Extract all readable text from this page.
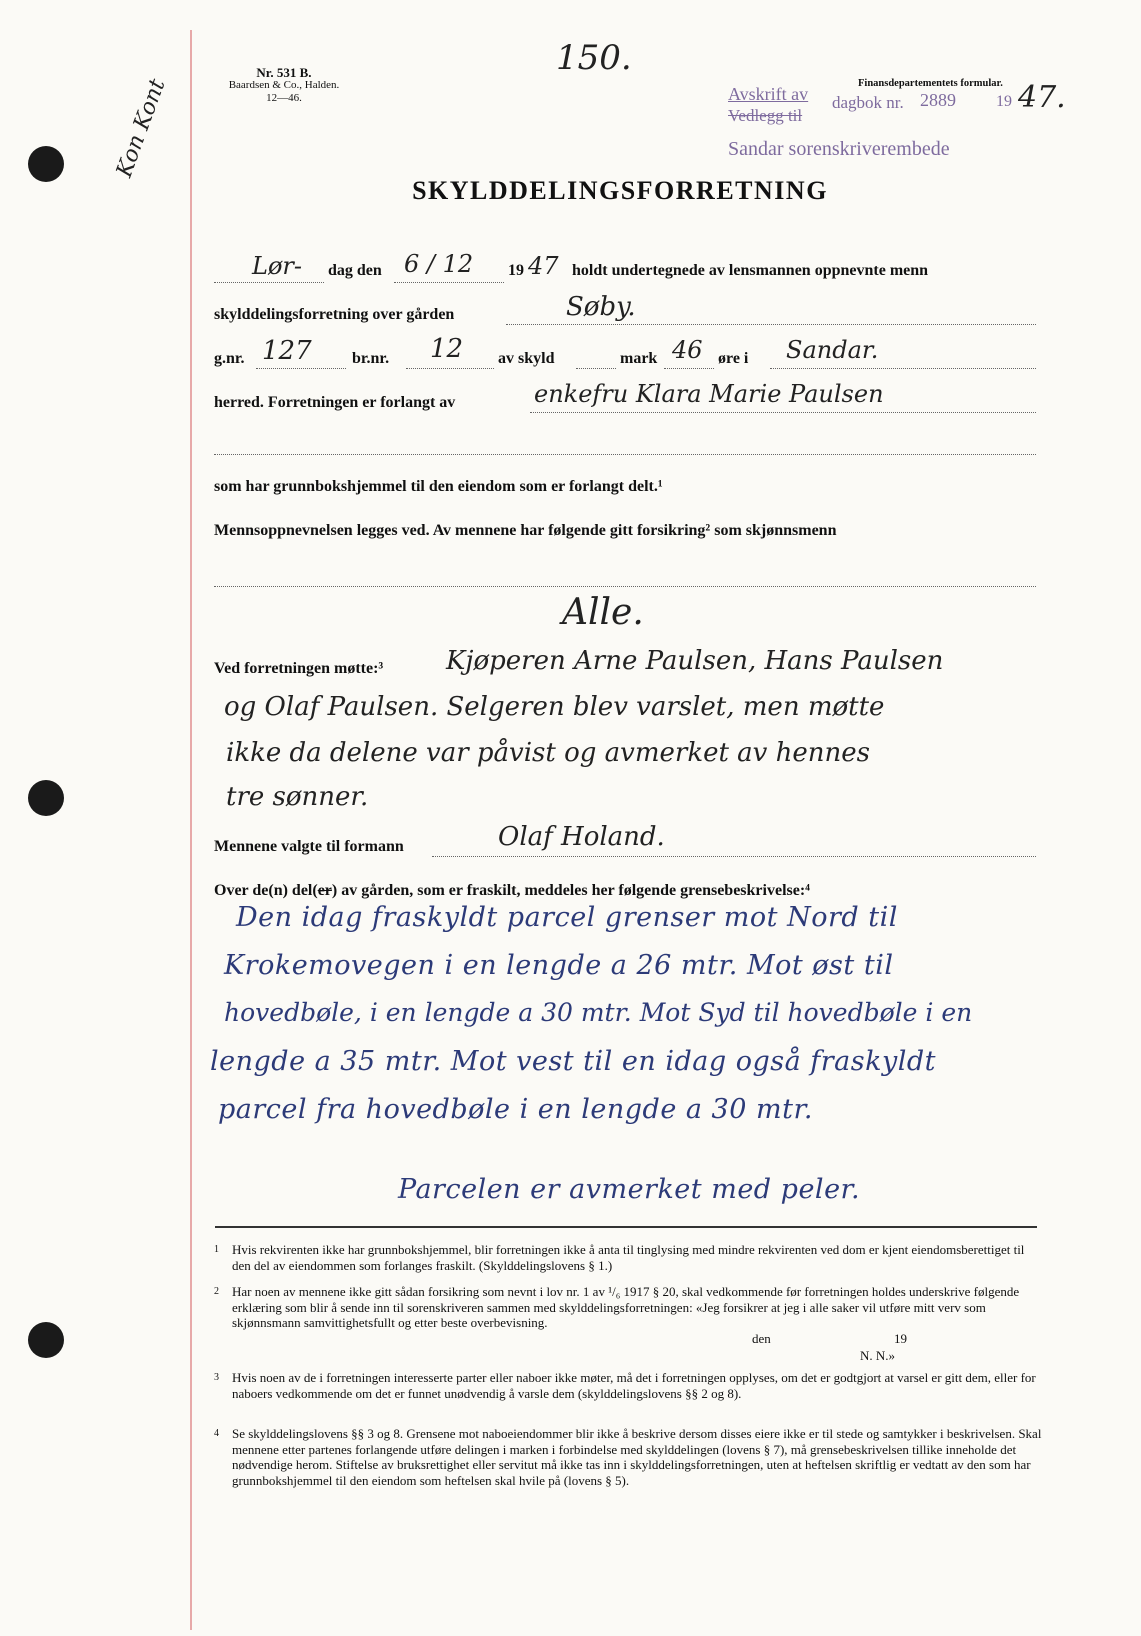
Nr. 531 B.
Baardsen & Co., Halden.
12—46.
Kon Kont
150.
Finansdepartementets formular.
Avskrift av
Vedlegg til
dagbok nr. 2889	19 47.
Sandar sorenskriverembede
SKYLDDELINGSFORRETNING
Lør- dag den 6 / 12 19 47 holdt undertegnede av lensmannen oppnevnte menn
skylddelingsforretning over gården	Søby.
g.nr. 127	br.nr. 12 av skyld	mark 46 øre i Sandar.
herred. Forretningen er forlangt av	enkefru Klara Marie Paulsen
som har grunnbokshjemmel til den eiendom som er forlangt delt.¹
Mennsoppnevnelsen legges ved. Av mennene har følgende gitt forsikring² som skjønnsmenn
Alle.
Ved forretningen møtte:³ Kjøperen Arne Paulsen, Hans Paulsen
og Olaf Paulsen. Selgeren blev varslet, men møtte
ikke da delene var påvist og avmerket av hennes
tre sønner.
Mennene valgte til formann	Olaf Holand.
Over de(n) del(er) av gården, som er fraskilt, meddeles her følgende grensebeskrivelse:⁴
Den idag fraskyldt parcel grenser mot Nord til
Krokemovegen i en lengde a 26 mtr. Mot øst til
hovedbøle, i en lengde a 30 mtr. Mot Syd til hovedbøle i en
lengde a 35 mtr. Mot vest til en idag også fraskyldt
parcel fra hovedbøle i en lengde a 30 mtr.
Parcelen er avmerket med peler.
1 Hvis rekvirenten ikke har grunnbokshjemmel, blir forretningen ikke å anta til tinglysing med mindre rekvirenten ved dom er kjent eiendomsberettiget til den del av eiendommen som forlanges fraskilt. (Skylddelingslovens § 1.)
2 Har noen av mennene ikke gitt sådan forsikring som nevnt i lov nr. 1 av ¹/₆ 1917 § 20, skal vedkommende før forretningen holdes underskrive følgende erklæring som blir å sende inn til sorenskriveren sammen med skylddelingsforretningen: «Jeg forsikrer at jeg i alle saker vil utføre mitt verv som skjønnsmann samvittighetsfullt og etter beste overbevisning.
den	19
N. N.»
3 Hvis noen av de i forretningen interesserte parter eller naboer ikke møter, må det i forretningen opplyses, om det er godtgjort at varsel er gitt dem, eller for naboers vedkommende om det er funnet unødvendig å varsle dem (skylddelingslovens §§ 2 og 8).
4 Se skylddelingslovens §§ 3 og 8. Grensene mot naboeiendommer blir ikke å beskrive dersom disses eiere ikke er til stede og samtykker i beskrivelsen. Skal mennene etter partenes forlangende utføre delingen i marken i forbindelse med skylddelingen (lovens § 7), må grensebeskrivelsen tillike inneholde det nødvendige herom. Stiftelse av bruksrettighet eller servitut må ikke tas inn i skylddelingsforretningen, uten at heftelsen skriftlig er vedtatt av den som har grunnbokshjemmel til den eiendom som heftelsen skal hvile på (lovens § 5).
